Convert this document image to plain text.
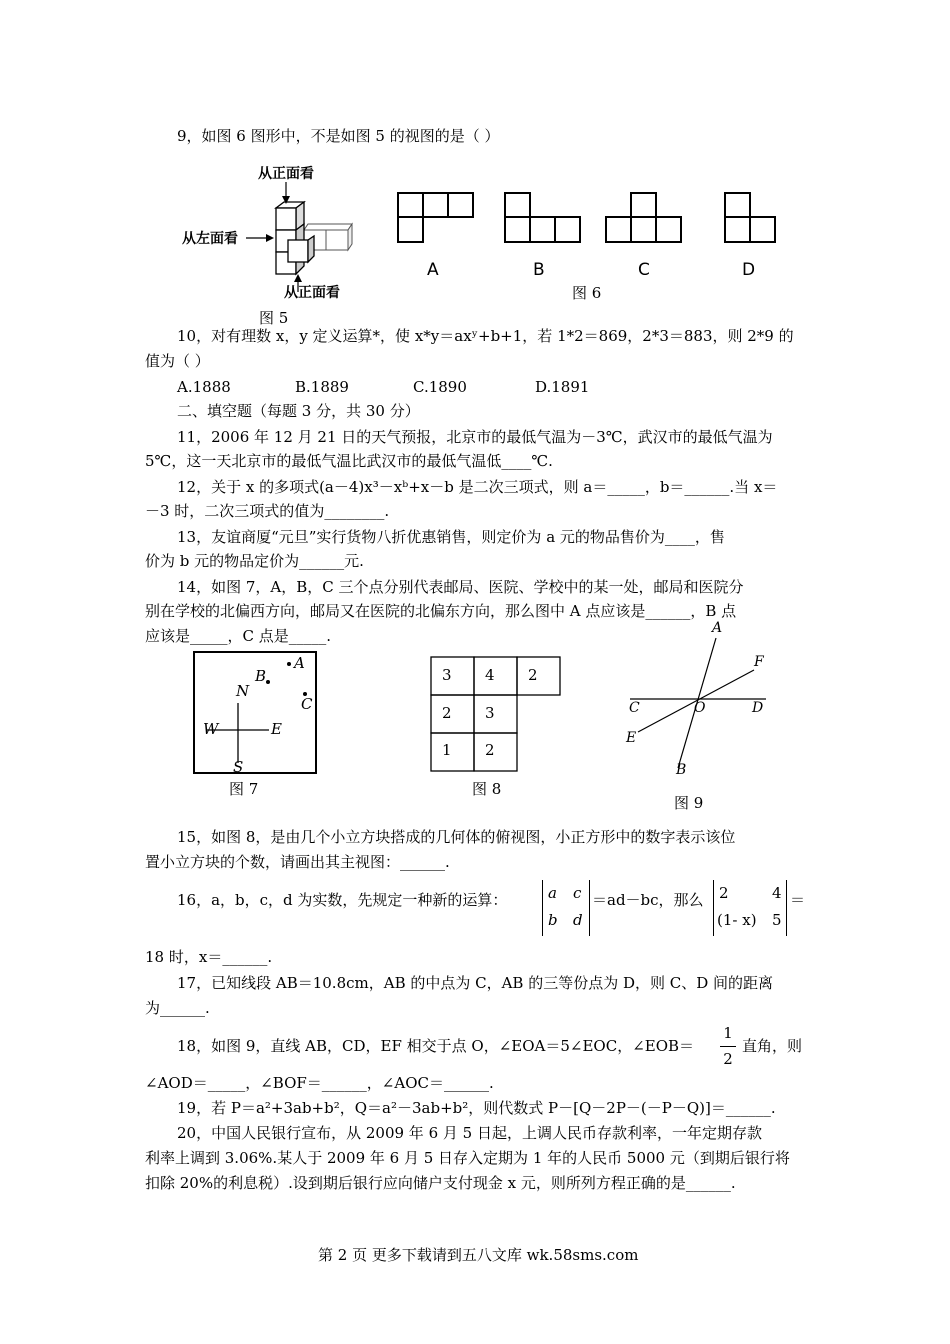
9，如图 6 图形中，不是如图 5 的视图的是（ ）
从正面看
从左面看
从正面看
图 5
A	B	C	D
图 6
10，对有理数 x，y 定义运算*，使 x*y＝axʸ+b+1，若 1*2＝869，2*3＝883，则 2*9 的
值为（ ）
A.1888	B.1889	C.1890	D.1891
二、填空题（每题 3 分，共 30 分）
11，2006 年 12 月 21 日的天气预报，北京市的最低气温为－3℃，武汉市的最低气温为
5℃，这一天北京市的最低气温比武汉市的最低气温低____℃.
12，关于 x 的多项式(a－4)x³－xᵇ+x－b 是二次三项式，则 a＝_____，b＝______.当 x＝
－3 时，二次三项式的值为________.
13，友谊商厦“元旦”实行货物八折优惠销售，则定价为 a 元的物品售价为____，售
价为 b 元的物品定价为______元.
14，如图 7，A，B，C 三个点分别代表邮局、医院、学校中的某一处，邮局和医院分
别在学校的北偏西方向，邮局又在医院的北偏东方向，那么图中 A 点应该是______，B 点
应该是_____，C 点是_____.
A
B
C
N
S
W	E
图 7
3 4 2
2 3
1 2
图 8
A
B
C	D
E
F
O
图 9
15，如图 8，是由几个小立方块搭成的几何体的俯视图，小正方形中的数字表示该位
置小立方块的个数，请画出其主视图：______.
16，a，b，c，d 为实数，先规定一种新的运算：	a c
b d
＝ad－bc，那么 2	4
(1- x) 5
＝
18 时，x＝______.
17，已知线段 AB＝10.8cm，AB 的中点为 C，AB 的三等份点为 D，则 C、D 间的距离
为______.
18，如图 9，直线 AB，CD，EF 相交于点 O，∠EOA＝5∠EOC，∠EOB＝
1
2
直角，则
∠AOD＝_____，∠BOF＝______，∠AOC＝______.
19，若 P＝a²+3ab+b²，Q＝a²－3ab+b²，则代数式 P－[Q－2P－(－P－Q)]＝______.
20，中国人民银行宣布，从 2009 年 6 月 5 日起，上调人民币存款利率，一年定期存款
利率上调到 3.06%.某人于 2009 年 6 月 5 日存入定期为 1 年的人民币 5000 元（到期后银行将
扣除 20%的利息税）.设到期后银行应向储户支付现金 x 元，则所列方程正确的是______.
第 2 页 更多下载请到五八文库 wk.58sms.com
